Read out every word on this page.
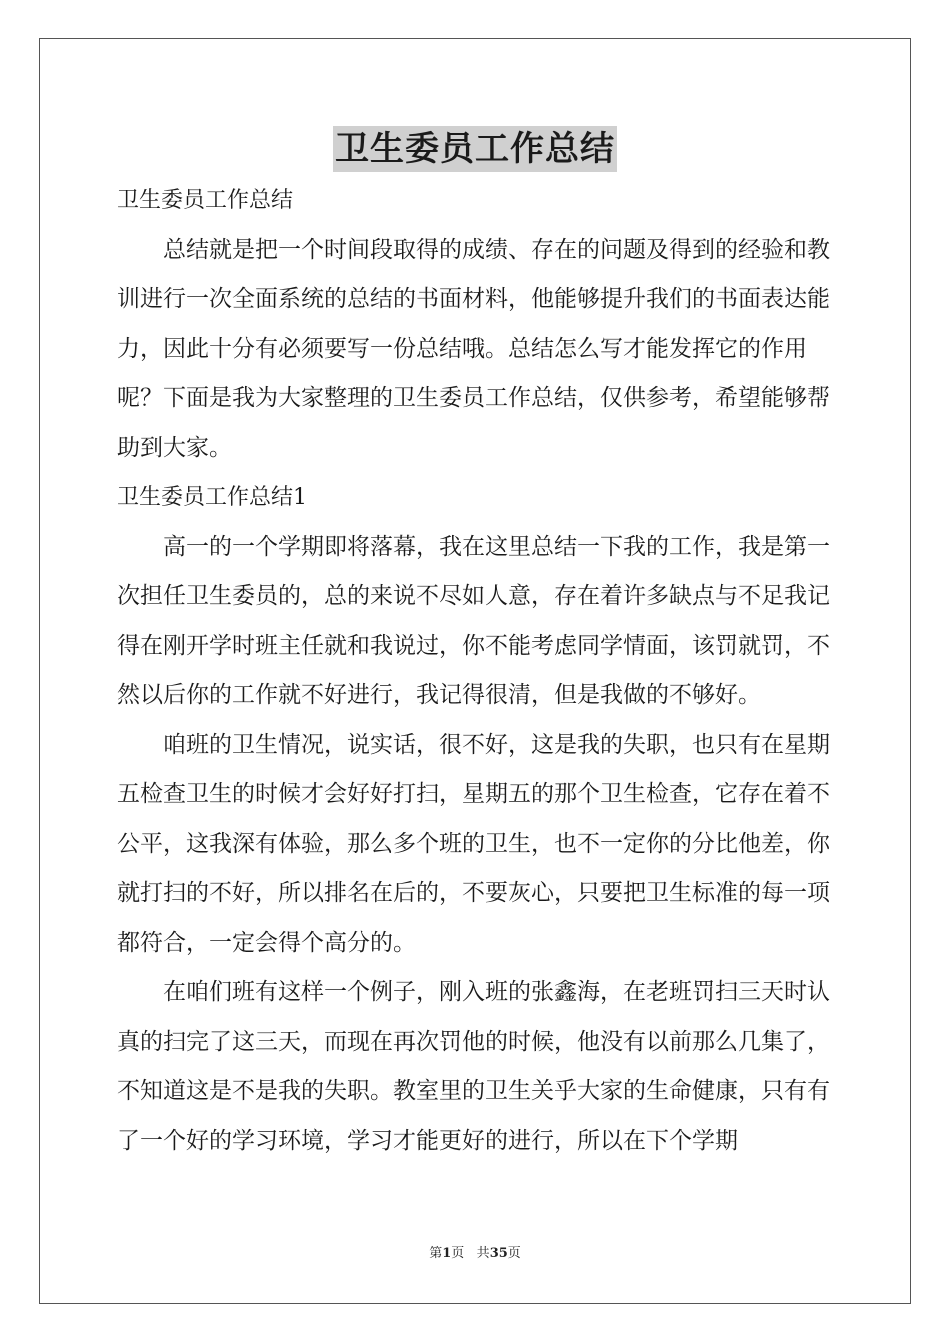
卫生委员工作总结

卫生委员工作总结

总结就是把一个时间段取得的成绩、存在的问题及得到的经验和教训进行一次全面系统的总结的书面材料，他能够提升我们的书面表达能力，因此十分有必须要写一份总结哦。总结怎么写才能发挥它的作用呢？下面是我为大家整理的卫生委员工作总结，仅供参考，希望能够帮助到大家。

卫生委员工作总结1

高一的一个学期即将落幕，我在这里总结一下我的工作，我是第一次担任卫生委员的，总的来说不尽如人意，存在着许多缺点与不足我记得在刚开学时班主任就和我说过，你不能考虑同学情面，该罚就罚，不然以后你的工作就不好进行，我记得很清，但是我做的不够好。

咱班的卫生情况，说实话，很不好，这是我的失职，也只有在星期五检查卫生的时候才会好好打扫，星期五的那个卫生检查，它存在着不公平，这我深有体验，那么多个班的卫生，也不一定你的分比他差，你就打扫的不好，所以排名在后的，不要灰心，只要把卫生标准的每一项都符合，一定会得个高分的。

在咱们班有这样一个例子，刚入班的张鑫海，在老班罚扫三天时认真的扫完了这三天，而现在再次罚他的时候，他没有以前那么几集了，不知道这是不是我的失职。教室里的卫生关乎大家的生命健康，只有有了一个好的学习环境，学习才能更好的进行，所以在下个学期

第1页 共35页
